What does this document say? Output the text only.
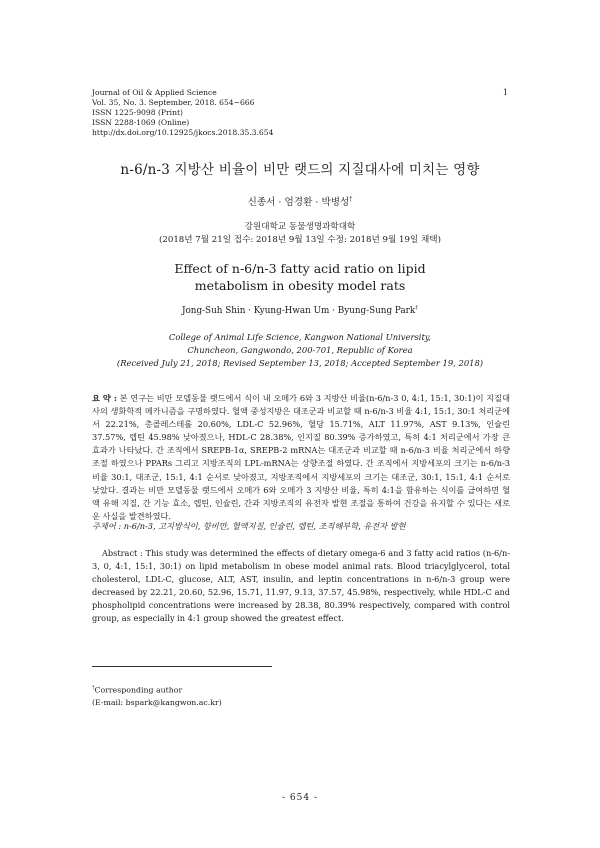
Journal of Oil & Applied Science
Vol. 35, No. 3. September, 2018. 654~666
ISSN 1225-9098 (Print)
ISSN 2288-1069 (Online)
http://dx.doi.org/10.12925/jkocs.2018.35.3.654
1
n-6/n-3 지방산 비율이 비만 랫드의 지질대사에 미치는 영향
신종서 · 엄경환 · 박병성†
강원대학교 동물생명과학대학
(2018년 7월 21일 접수: 2018년 9월 13일 수정: 2018년 9월 19일 채택)
Effect of n-6/n-3 fatty acid ratio on lipid metabolism in obesity model rats
Jong-Suh Shin · Kyung-Hwan Um · Byung-Sung Park†
College of Animal Life Science, Kangwon National University,
Chuncheon, Gangwondo, 200-701, Republic of Korea
(Received July 21, 2018; Revised September 13, 2018; Accepted September 19, 2018)
요 약 : 본 연구는 비만 모델동물 랫드에서 식이 내 오메가 6와 3 지방산 비율(n-6/n-3 0, 4:1, 15:1, 30:1)이 지질대사의 생화학적 메카니즘을 구명하였다. 혈액 중성지방은 대조군과 비교할 때 n-6/n-3 비율 4:1, 15:1, 30:1 처리군에서 22.21%, 총콜레스테롤 20.60%, LDL-C 52.96%, 혈당 15.71%, ALT 11.97%, AST 9.13%, 인슐린 37.57%, 렙틴 45.98% 낮아졌으나, HDL-C 28.38%, 인지질 80.39% 증가하였고, 특히 4:1 처리군에서 가장 큰 효과가 나타났다. 간 조직에서 SREPB-1α, SREPB-2 mRNA는 대조군과 비교할 때 n-6/n-3 비율 처리군에서 하향조절 하였으나 PPARs 그리고 지방조직의 LPL-mRNA는 상향조절 하였다. 간 조직에서 지방세포의 크기는 n-6/n-3 비율 30:1, 대조군, 15:1, 4:1 순서로 낮아졌고, 지방조직에서 지방세포의 크기는 대조군, 30:1, 15:1, 4:1 순서로 낮았다. 결과는 비만 모델동물 랫드에서 오메가 6와 오메가 3 지방산 비율, 특히 4:1을 함유하는 식이를 급여하면 혈액 유해 지질, 간 기능 효소, 렙틴, 인슐린, 간과 지방조직의 유전자 발현 조절을 통하여 건강을 유지할 수 있다는 새로운 사실을 발견하였다.
주제어 : n-6/n-3, 고지방식이, 항비만, 혈액지질, 인슐린, 렙틴, 조직해부학, 유전자 발현
Abstract : This study was determined the effects of dietary omega-6 and 3 fatty acid ratios (n-6/n-3, 0, 4:1, 15:1, 30:1) on lipid metabolism in obese model animal rats. Blood triacylglycerol, total cholesterol, LDL-C, glucose, ALT, AST, insulin, and leptin concentrations in n-6/n-3 group were decreased by 22.21, 20.60, 52.96, 15.71, 11.97, 9.13, 37.57, 45.98%, respectively, while HDL-C and phospholipid concentrations were increased by 28.38, 80.39% respectively, compared with control group, as especially in 4:1 group showed the greatest effect.
†Corresponding author
(E-mail: bspark@kangwon.ac.kr)
- 654 -
